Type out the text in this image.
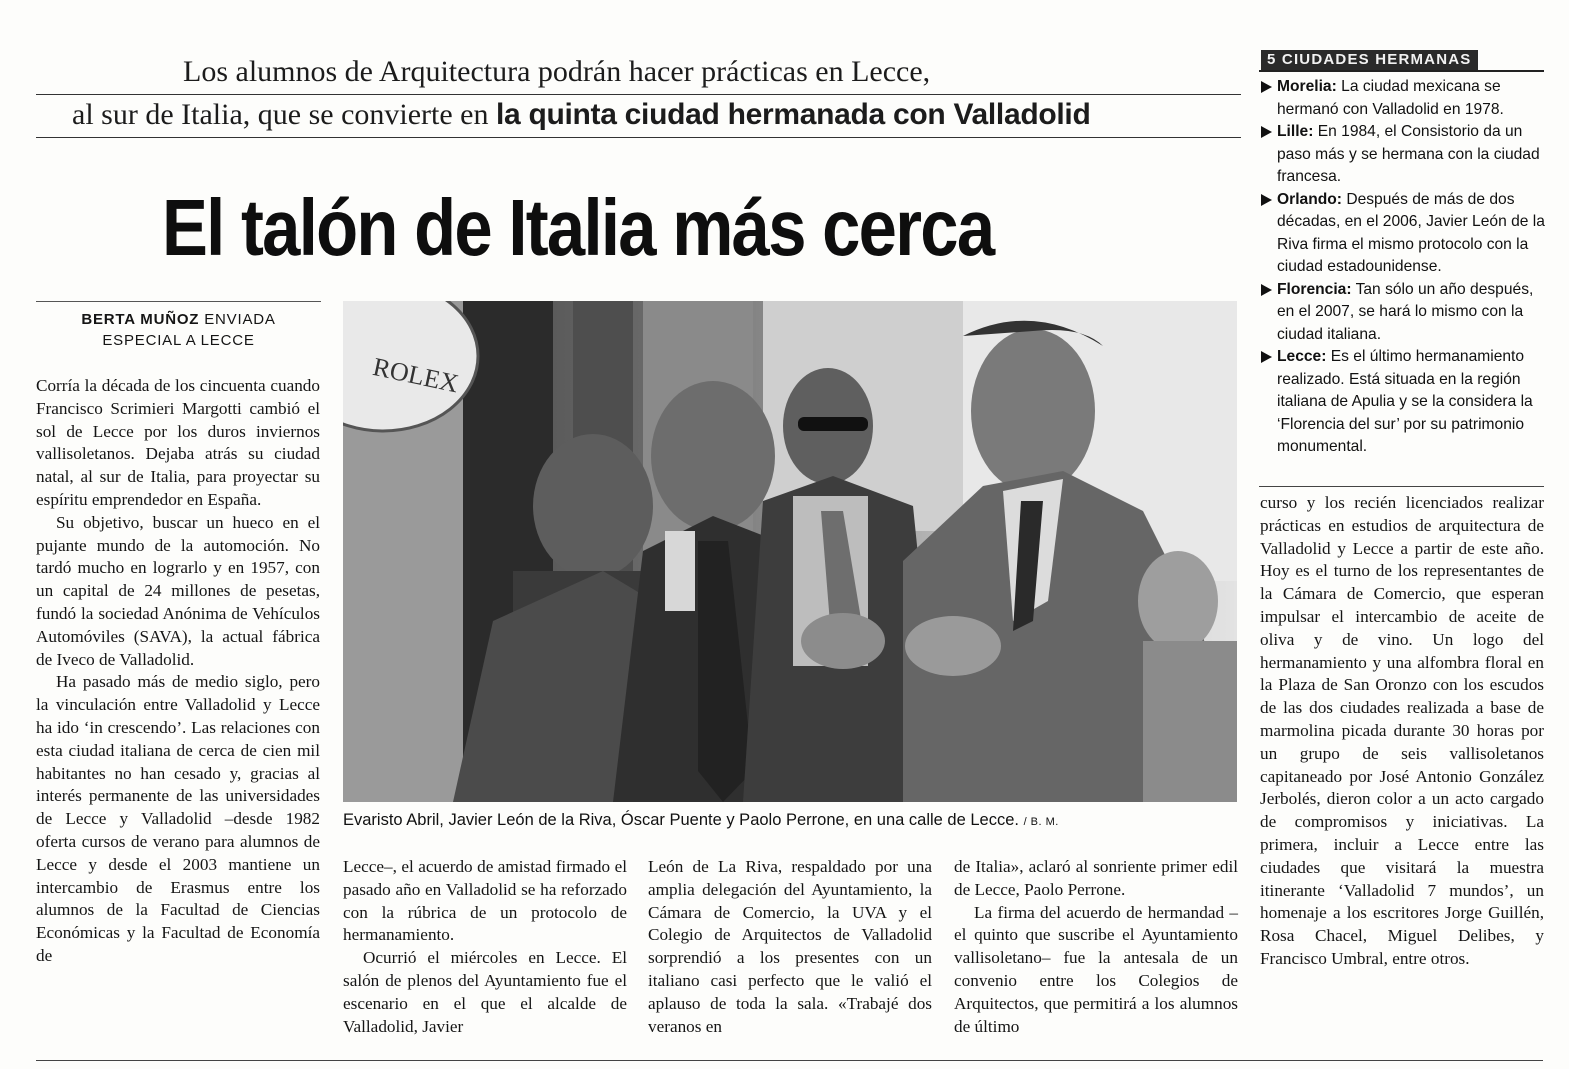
Los alumnos de Arquitectura podrán hacer prácticas en Lecce,
al sur de Italia, que se convierte en la quinta ciudad hermanada con Valladolid
El talón de Italia más cerca
BERTA MUÑOZ ENVIADA
ESPECIAL A LECCE
ROLEX
Evaristo Abril, Javier León de la Riva, Óscar Puente y Paolo Perrone, en una calle de Lecce. / B. M.
5 CIUDADES HERMANAS
Morelia: La ciudad mexicana se hermanó con Valladolid en 1978.
Lille: En 1984, el Consistorio da un paso más y se hermana con la ciudad francesa.
Orlando: Después de más de dos décadas, en el 2006, Javier León de la Riva firma el mismo protocolo con la ciudad estadounidense.
Florencia: Tan sólo un año después, en el 2007, se hará lo mismo con la ciudad italiana.
Lecce: Es el último hermanamiento realizado. Está situada en la región italiana de Apulia y se la considera la ‘Florencia del sur’ por su patrimonio monumental.

Corría la década de los cincuenta cuando Francisco Scrimieri Margotti cambió el sol de Lecce por los duros inviernos vallisoletanos. Dejaba atrás su ciudad natal, al sur de Italia, para proyectar su espíritu emprendedor en España.

Su objetivo, buscar un hueco en el pujante mundo de la automoción. No tardó mucho en lograrlo y en 1957, con un capital de 24 millones de pesetas, fundó la sociedad Anónima de Vehículos Automóviles (SAVA), la actual fábrica de Iveco de Valladolid.

Ha pasado más de medio siglo, pero la vinculación entre Valladolid y Lecce ha ido ‘in crescendo’. Las relaciones con esta ciudad italiana de cerca de cien mil habitantes no han cesado y, gracias al interés permanente de las universidades de Lecce y Valladolid –desde 1982 oferta cursos de verano para alumnos de Lecce y desde el 2003 mantiene un intercambio de Erasmus entre los alumnos de la Facultad de Ciencias Económicas y la Facultad de Economía de

Lecce–, el acuerdo de amistad firmado el pasado año en Valladolid se ha reforzado con la rúbrica de un protocolo de hermanamiento.

Ocurrió el miércoles en Lecce. El salón de plenos del Ayuntamiento fue el escenario en el que el alcalde de Valladolid, Javier

León de La Riva, respaldado por una amplia delegación del Ayuntamiento, la Cámara de Comercio, la UVA y el Colegio de Arquitectos de Valladolid sorprendió a los presentes con un italiano casi perfecto que le valió el aplauso de toda la sala. «Trabajé dos veranos en

de Italia», aclaró al sonriente primer edil de Lecce, Paolo Perrone.

La firma del acuerdo de hermandad –el quinto que suscribe el Ayuntamiento vallisoletano– fue la antesala de un convenio entre los Colegios de Arquitectos, que permitirá a los alumnos de último

curso y los recién licenciados realizar prácticas en estudios de arquitectura de Valladolid y Lecce a partir de este año. Hoy es el turno de los representantes de la Cámara de Comercio, que esperan impulsar el intercambio de aceite de oliva y de vino. Un logo del hermanamiento y una alfombra floral en la Plaza de San Oronzo con los escudos de las dos ciudades realizada a base de marmolina picada durante 30 horas por un grupo de seis vallisoletanos capitaneado por José Antonio González Jerbolés, dieron color a un acto cargado de compromisos y iniciativas. La primera, incluir a Lecce entre las ciudades que visitará la muestra itinerante ‘Valladolid 7 mundos’, un homenaje a los escritores Jorge Guillén, Rosa Chacel, Miguel Delibes, y Francisco Umbral, entre otros.
